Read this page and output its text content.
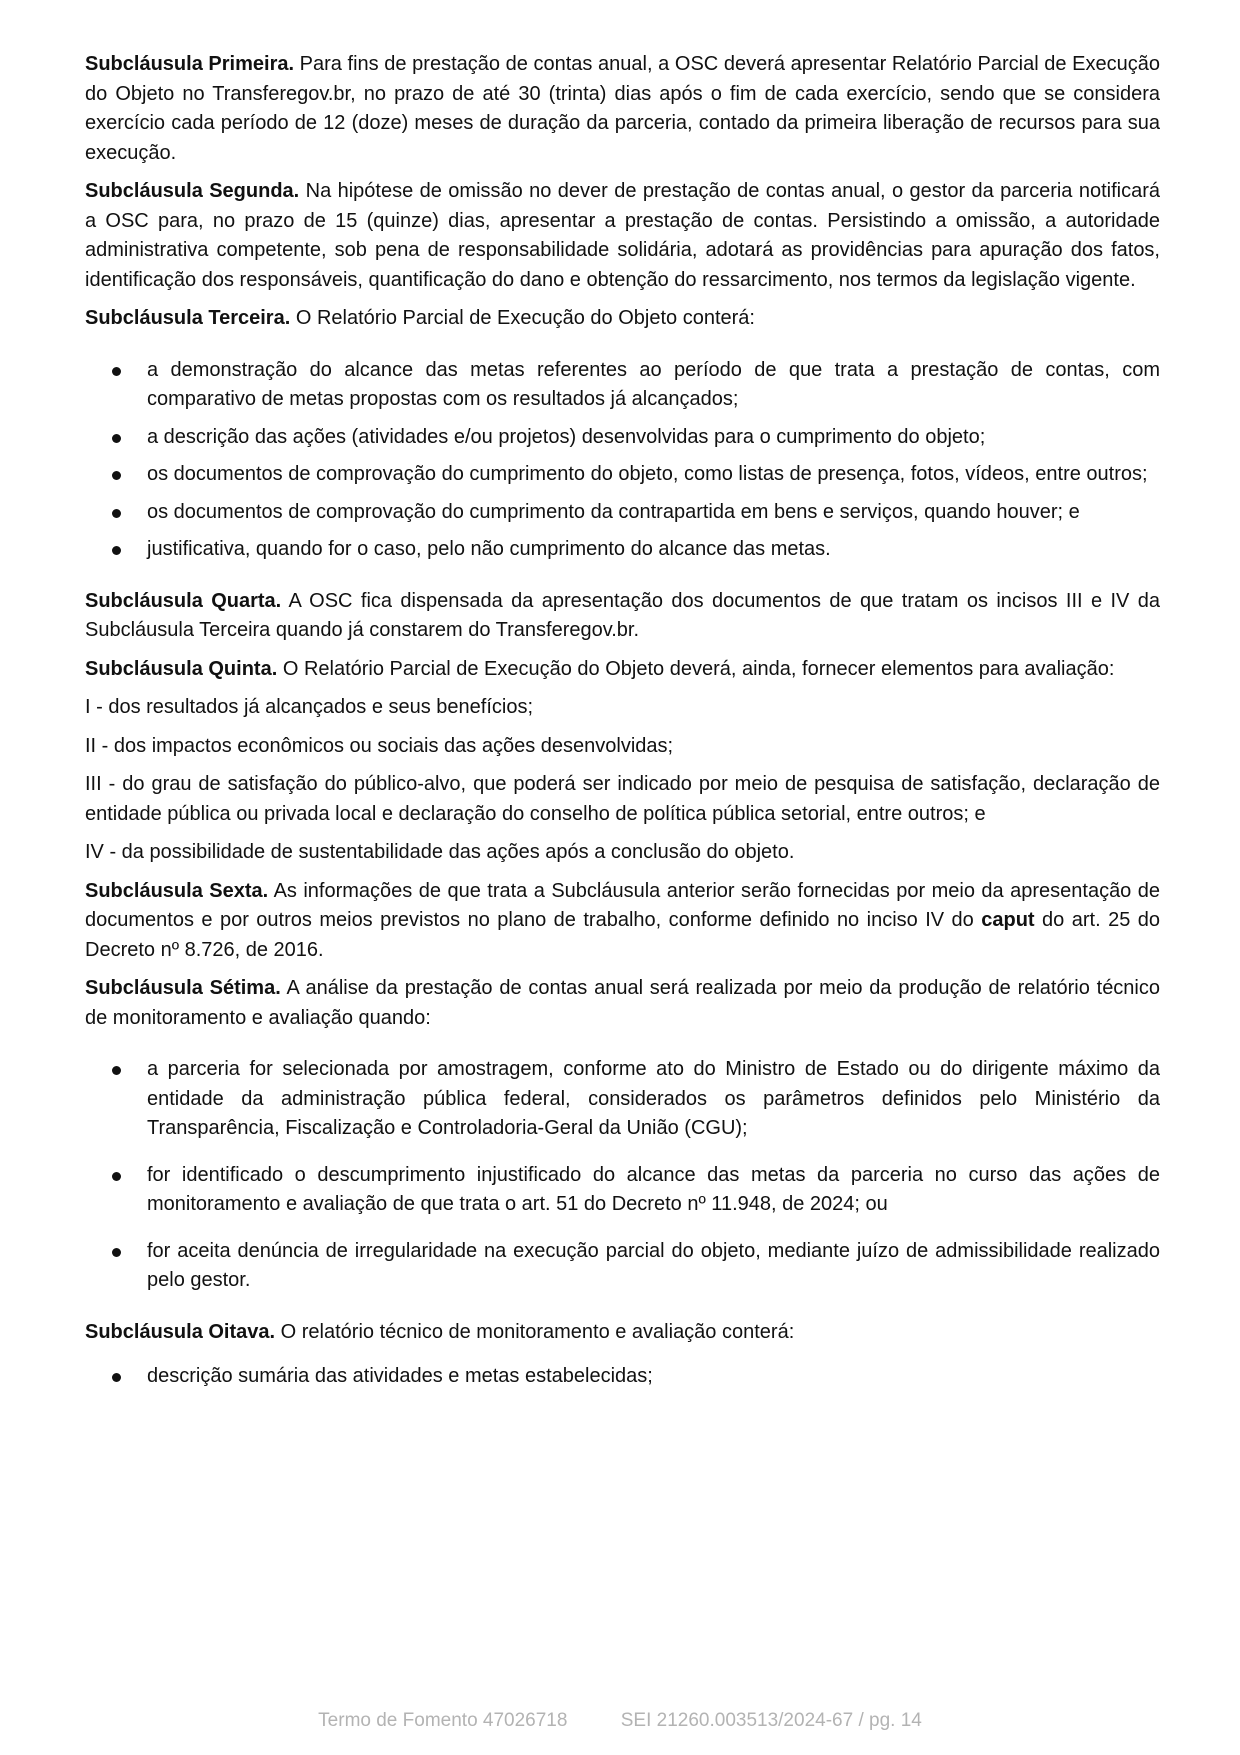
Subcláusula Primeira. Para fins de prestação de contas anual, a OSC deverá apresentar Relatório Parcial de Execução do Objeto no Transferegov.br, no prazo de até 30 (trinta) dias após o fim de cada exercício, sendo que se considera exercício cada período de 12 (doze) meses de duração da parceria, contado da primeira liberação de recursos para sua execução.

Subcláusula Segunda. Na hipótese de omissão no dever de prestação de contas anual, o gestor da parceria notificará a OSC para, no prazo de 15 (quinze) dias, apresentar a prestação de contas. Persistindo a omissão, a autoridade administrativa competente, sob pena de responsabilidade solidária, adotará as providências para apuração dos fatos, identificação dos responsáveis, quantificação do dano e obtenção do ressarcimento, nos termos da legislação vigente.

Subcláusula Terceira. O Relatório Parcial de Execução do Objeto conterá:

a demonstração do alcance das metas referentes ao período de que trata a prestação de contas, com comparativo de metas propostas com os resultados já alcançados;
a descrição das ações (atividades e/ou projetos) desenvolvidas para o cumprimento do objeto;
os documentos de comprovação do cumprimento do objeto, como listas de presença, fotos, vídeos, entre outros;
os documentos de comprovação do cumprimento da contrapartida em bens e serviços, quando houver; e
justificativa, quando for o caso, pelo não cumprimento do alcance das metas.

Subcláusula Quarta. A OSC fica dispensada da apresentação dos documentos de que tratam os incisos III e IV da Subcláusula Terceira quando já constarem do Transferegov.br.

Subcláusula Quinta. O Relatório Parcial de Execução do Objeto deverá, ainda, fornecer elementos para avaliação:

I - dos resultados já alcançados e seus benefícios;

II - dos impactos econômicos ou sociais das ações desenvolvidas;

III - do grau de satisfação do público-alvo, que poderá ser indicado por meio de pesquisa de satisfação, declaração de entidade pública ou privada local e declaração do conselho de política pública setorial, entre outros; e

IV - da possibilidade de sustentabilidade das ações após a conclusão do objeto.

Subcláusula Sexta. As informações de que trata a Subcláusula anterior serão fornecidas por meio da apresentação de documentos e por outros meios previstos no plano de trabalho, conforme definido no inciso IV do caput do art. 25 do Decreto nº 8.726, de 2016.

Subcláusula Sétima. A análise da prestação de contas anual será realizada por meio da produção de relatório técnico de monitoramento e avaliação quando:

a parceria for selecionada por amostragem, conforme ato do Ministro de Estado ou do dirigente máximo da entidade da administração pública federal, considerados os parâmetros definidos pelo Ministério da Transparência, Fiscalização e Controladoria-Geral da União (CGU);
for identificado o descumprimento injustificado do alcance das metas da parceria no curso das ações de monitoramento e avaliação de que trata o art. 51 do Decreto nº 11.948, de 2024; ou
for aceita denúncia de irregularidade na execução parcial do objeto, mediante juízo de admissibilidade realizado pelo gestor.

Subcláusula Oitava. O relatório técnico de monitoramento e avaliação conterá:

descrição sumária das atividades e metas estabelecidas;
Termo de Fomento 47026718	SEI 21260.003513/2024-67 / pg. 14
